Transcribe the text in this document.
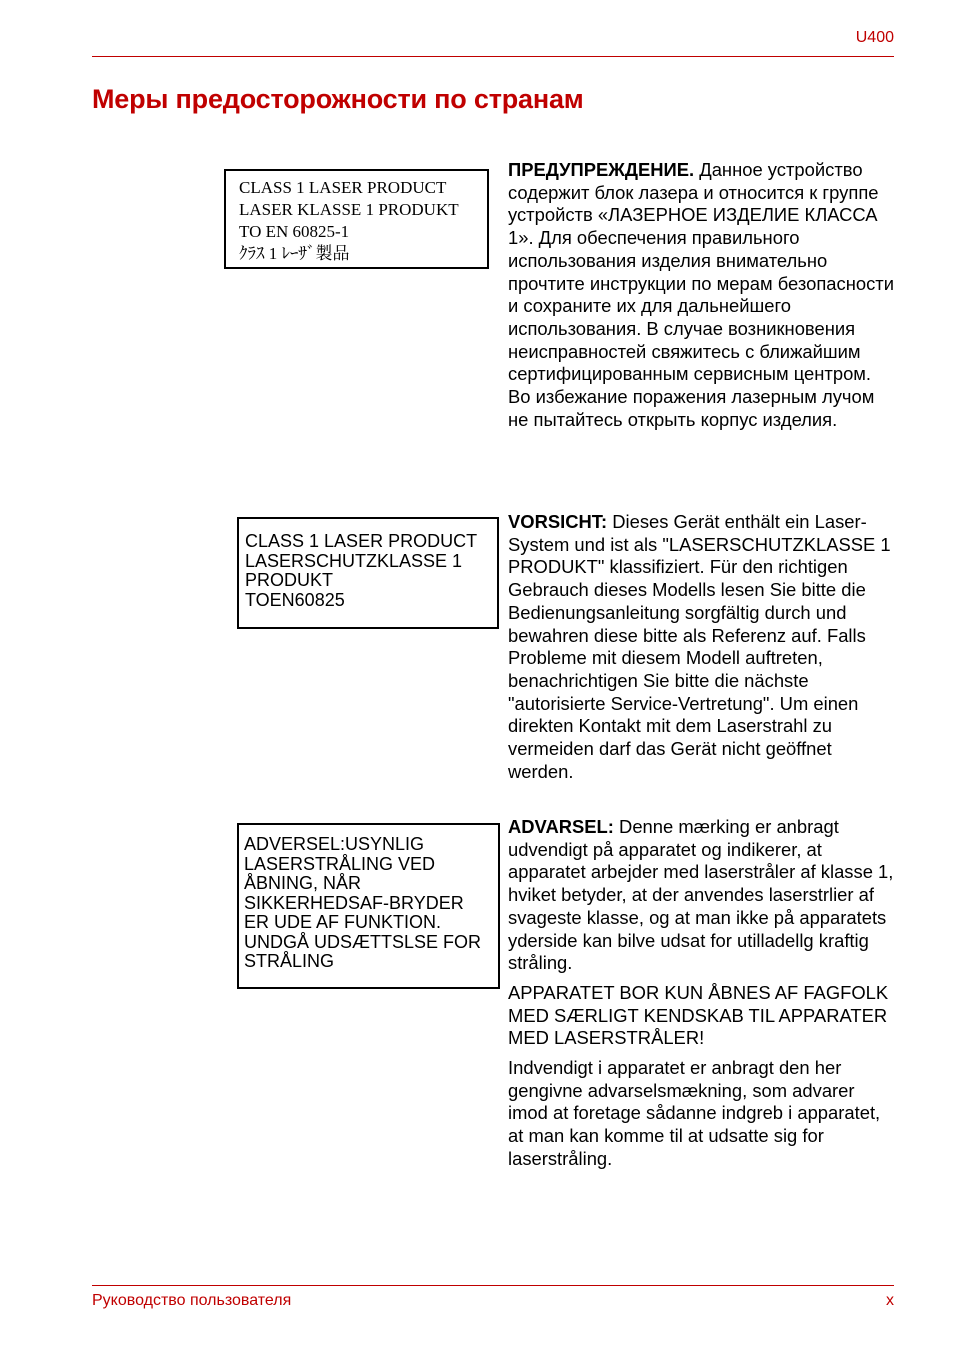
U400
Меры предосторожности по странам
CLASS 1 LASER PRODUCT
LASER KLASSE 1 PRODUKT
TO EN 60825-1
ｸﾗｽ 1 ﾚｰｻﾞ製品
CLASS 1 LASER PRODUCT
LASERSCHUTZKLASSE 1
PRODUKT
TOEN60825
ADVERSEL:USYNLIG
LASERSTRÅLING VED
ÅBNING, NÅR
SIKKERHEDSAF-BRYDER
ER UDE AF FUNKTION.
UNDGÅ UDSÆTTSLSE FOR
STRÅLING

ПРЕДУПРЕЖДЕНИЕ. Данное устройство содержит блок лазера и относится к группе устройств «ЛАЗЕРНОЕ ИЗДЕЛИЕ КЛАССА 1». Для обеспечения правильного использования изделия внимательно прочтите инструкции по мерам безопасности и сохраните их для дальнейшего использования. В случае возникновения неисправностей свяжитесь с ближайшим сертифицированным сервисным центром. Во избежание поражения лазерным лучом не пытайтесь открыть корпус изделия.

VORSICHT: Dieses Gerät enthält ein Laser-System und ist als "LASERSCHUTZKLASSE 1 PRODUKT" klassifiziert. Für den richtigen Gebrauch dieses Modells lesen Sie bitte die Bedienungsanleitung sorgfältig durch und bewahren diese bitte als Referenz auf. Falls Probleme mit diesem Modell auftreten, benachrichtigen Sie bitte die nächste "autorisierte Service-Vertretung". Um einen direkten Kontakt mit dem Laserstrahl zu vermeiden darf das Gerät nicht geöffnet werden.

ADVARSEL: Denne mærking er anbragt udvendigt på apparatet og indikerer, at apparatet arbejder med laserstråler af klasse 1, hviket betyder, at der anvendes laserstrlier af svageste klasse, og at man ikke på apparatets yderside kan bilve udsat for utilladellg kraftig stråling.

APPARATET BOR KUN ÅBNES AF FAGFOLK MED SÆRLIGT KENDSKAB TIL APPARATER MED LASERSTRÅLER!

Indvendigt i apparatet er anbragt den her gengivne advarselsmækning, som advarer imod at foretage sådanne indgreb i apparatet, at man kan komme til at udsatte sig for laserstråling.

Руководство пользователя	x
